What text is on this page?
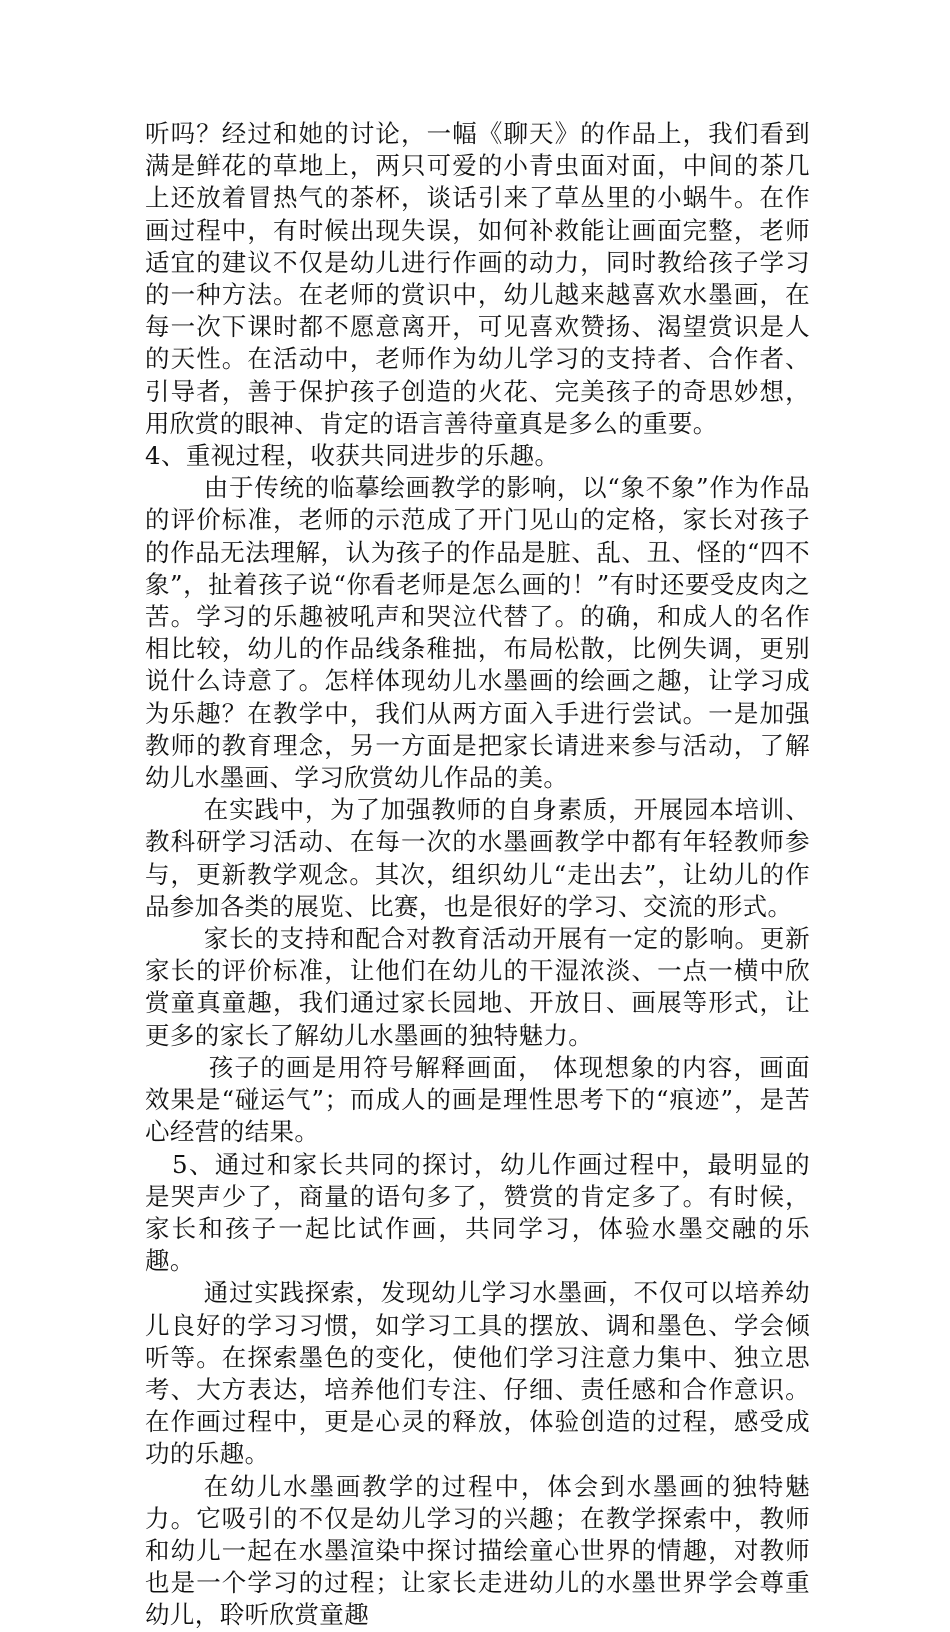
听吗？经过和她的讨论，一幅《聊天》的作品上，我们看到满是鲜花的草地上，两只可爱的小青虫面对面，中间的茶几上还放着冒热气的茶杯，谈话引来了草丛里的小蜗牛。在作画过程中，有时候出现失误，如何补救能让画面完整，老师适宜的建议不仅是幼儿进行作画的动力，同时教给孩子学习的一种方法。在老师的赏识中，幼儿越来越喜欢水墨画，在每一次下课时都不愿意离开，可见喜欢赞扬、渴望赏识是人的天性。在活动中，老师作为幼儿学习的支持者、合作者、引导者，善于保护孩子创造的火花、完美孩子的奇思妙想，用欣赏的眼神、肯定的语言善待童真是多么的重要。

4、重视过程，收获共同进步的乐趣。

由于传统的临摹绘画教学的影响，以“象不象”作为作品的评价标准，老师的示范成了开门见山的定格，家长对孩子的作品无法理解，认为孩子的作品是脏、乱、丑、怪的“四不象”，扯着孩子说“你看老师是怎么画的！”有时还要受皮肉之苦。学习的乐趣被吼声和哭泣代替了。的确，和成人的名作相比较，幼儿的作品线条稚拙，布局松散，比例失调，更别说什么诗意了。怎样体现幼儿水墨画的绘画之趣，让学习成为乐趣？在教学中，我们从两方面入手进行尝试。一是加强教师的教育理念，另一方面是把家长请进来参与活动，了解幼儿水墨画、学习欣赏幼儿作品的美。

在实践中，为了加强教师的自身素质，开展园本培训、教科研学习活动、在每一次的水墨画教学中都有年轻教师参与，更新教学观念。其次，组织幼儿“走出去”，让幼儿的作品参加各类的展览、比赛，也是很好的学习、交流的形式。

家长的支持和配合对教育活动开展有一定的影响。更新家长的评价标准，让他们在幼儿的干湿浓淡、一点一横中欣赏童真童趣，我们通过家长园地、开放日、画展等形式，让更多的家长了解幼儿水墨画的独特魅力。

孩子的画是用符号解释画面， 体现想象的内容，画面效果是“碰运气”；而成人的画是理性思考下的“痕迹”，是苦心经营的结果。

5、通过和家长共同的探讨，幼儿作画过程中，最明显的是哭声少了，商量的语句多了，赞赏的肯定多了。有时候，家长和孩子一起比试作画，共同学习，体验水墨交融的乐趣。

通过实践探索，发现幼儿学习水墨画，不仅可以培养幼儿良好的学习习惯，如学习工具的摆放、调和墨色、学会倾听等。在探索墨色的变化，使他们学习注意力集中、独立思考、大方表达，培养他们专注、仔细、责任感和合作意识。在作画过程中，更是心灵的释放，体验创造的过程，感受成功的乐趣。

在幼儿水墨画教学的过程中，体会到水墨画的独特魅力。它吸引的不仅是幼儿学习的兴趣；在教学探索中，教师和幼儿一起在水墨渲染中探讨描绘童心世界的情趣，对教师也是一个学习的过程；让家长走进幼儿的水墨世界学会尊重幼儿，聆听欣赏童趣
